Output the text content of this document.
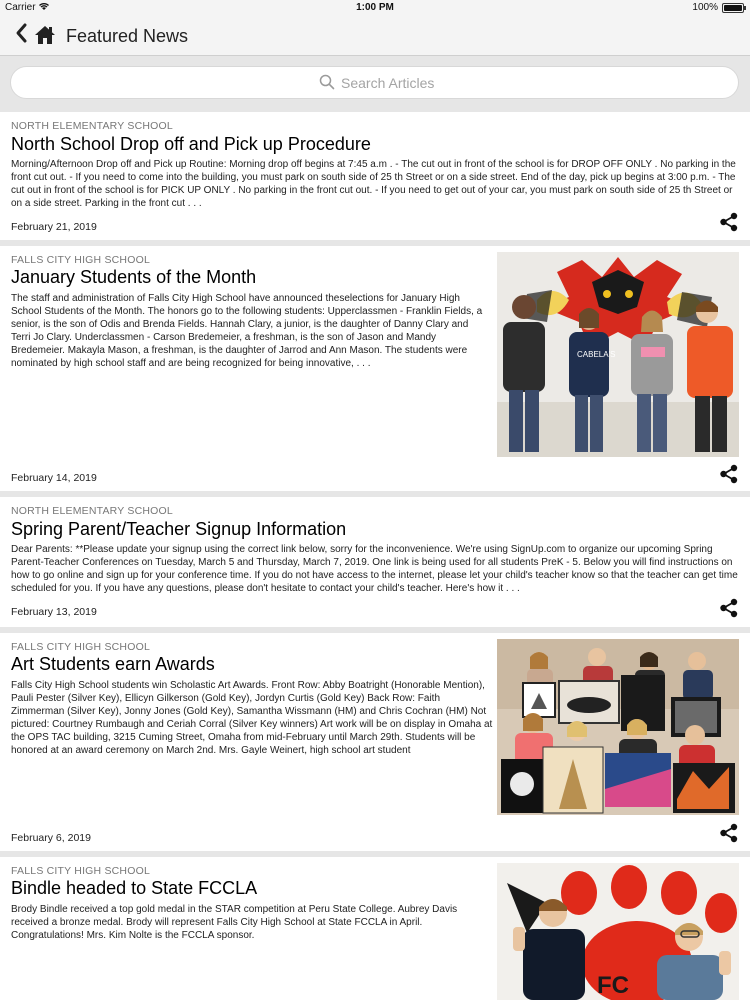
Carrier	1:00 PM	100%
Featured News
Search Articles
NORTH ELEMENTARY SCHOOL
North School Drop off and Pick up Procedure
Morning/Afternoon Drop off and Pick up Routine: Morning drop off begins at 7:45 a.m . - The cut out in front of the school is for DROP OFF ONLY . No parking in the front cut out. - If you need to come into the building, you must park on south side of 25 th Street or on a side street. End of the day, pick up begins at 3:00 p.m. - The cut out in front of the school is for PICK UP ONLY . No parking in the front cut out. - If you need to get out of your car, you must park on south side of 25 th Street or on a side street. Parking in the front cut . . .
February 21, 2019
FALLS CITY HIGH SCHOOL
January Students of the Month
The staff and administration of Falls City High School have announced theselections for January High School Students of the Month. The honors go to the following students: Upperclassmen - Franklin Fields, a senior, is the son of Odis and Brenda Fields. Hannah Clary, a junior, is the daughter of Danny Clary and Terri Jo Clary. Underclassmen - Carson Bredemeier, a freshman, is the son of Jason and Mandy Bredemeier. Makayla Mason, a freshman, is the daughter of Jarrod and Ann Mason. The students were nominated by high school staff and are being recognized for being innovative, . . .
CABELA'S
February 14, 2019
NORTH ELEMENTARY SCHOOL
Spring Parent/Teacher Signup Information
Dear Parents: **Please update your signup using the correct link below, sorry for the inconvenience. We're using SignUp.com to organize our upcoming Spring Parent-Teacher Conferences on Tuesday, March 5 and Thursday, March 7, 2019. One link is being used for all students PreK - 5. Below you will find instructions on how to go online and sign up for your conference time. If you do not have access to the internet, please let your child's teacher know so that the teacher can get time scheduled for you. If you have any questions, please don't hesitate to contact your child's teacher. Here's how it . . .
February 13, 2019
FALLS CITY HIGH SCHOOL
Art Students earn Awards
Falls City High School students win Scholastic Art Awards. Front Row: Abby Boatright (Honorable Mention), Pauli Pester (Silver Key), Ellicyn Gilkerson (Gold Key), Jordyn Curtis (Gold Key) Back Row: Faith Zimmerman (Silver Key), Jonny Jones (Gold Key), Samantha Wissmann (HM) and Chris Cochran (HM) Not pictured: Courtney Rumbaugh and Ceriah Corral (Silver Key winners) Art work will be on display in Omaha at the OPS TAC building, 3215 Cuming Street, Omaha from mid-February until March 29th. Students will be honored at an award ceremony on March 2nd. Mrs. Gayle Weinert, high school art student
February 6, 2019
FALLS CITY HIGH SCHOOL
Bindle headed to State FCCLA
Brody Bindle received a top gold medal in the STAR competition at Peru State College. Aubrey Davis received a bronze medal. Brody will represent Falls City High School at State FCCLA in April. Congratulations! Mrs. Kim Nolte is the FCCLA sponsor.
FC
